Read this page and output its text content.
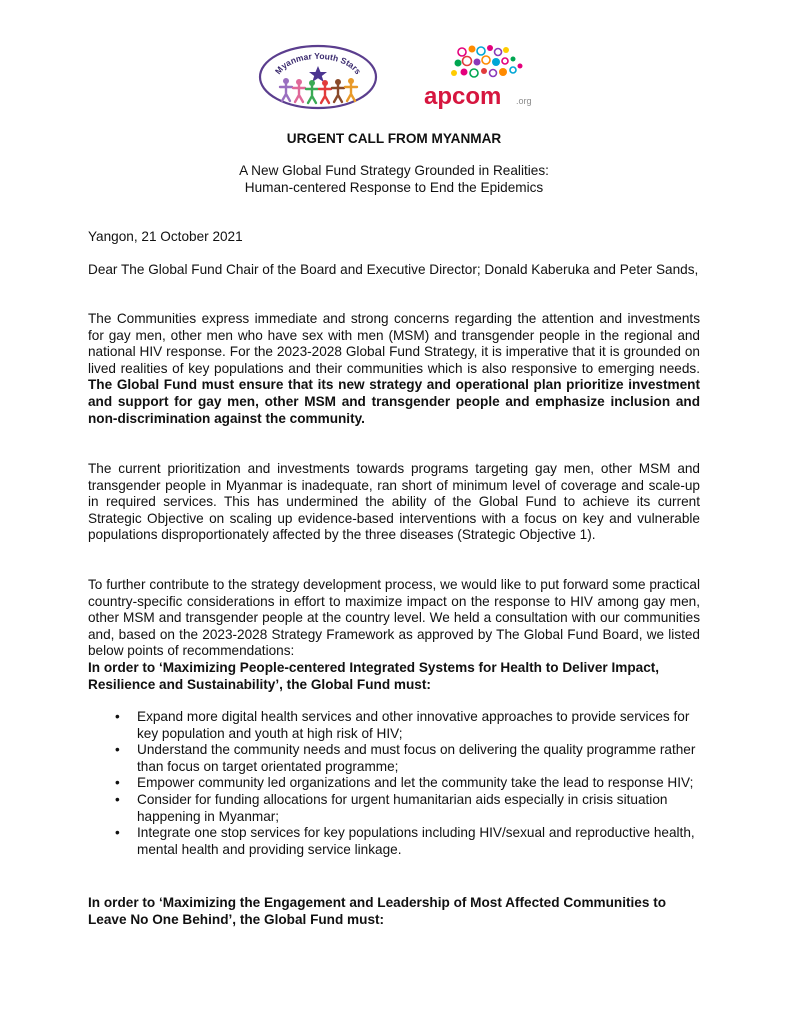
Myanmar Youth Stars
apcom .org
URGENT CALL FROM MYANMAR
A New Global Fund Strategy Grounded in Realities:
Human-centered Response to End the Epidemics
Yangon, 21 October 2021
Dear The Global Fund Chair of the Board and Executive Director; Donald Kaberuka and Peter Sands,
The Communities express immediate and strong concerns regarding the attention and investments for gay men, other men who have sex with men (MSM) and transgender people in the regional and national HIV response. For the 2023-2028 Global Fund Strategy, it is imperative that it is grounded on lived realities of key populations and their communities which is also responsive to emerging needs. The Global Fund must ensure that its new strategy and operational plan prioritize investment and support for gay men, other MSM and transgender people and emphasize inclusion and non-discrimination against the community.
The current prioritization and investments towards programs targeting gay men, other MSM and transgender people in Myanmar is inadequate, ran short of minimum level of coverage and scale-up in required services. This has undermined the ability of the Global Fund to achieve its current Strategic Objective on scaling up evidence-based interventions with a focus on key and vulnerable populations disproportionately affected by the three diseases (Strategic Objective 1).
To further contribute to the strategy development process, we would like to put forward some practical country-specific considerations in effort to maximize impact on the response to HIV among gay men, other MSM and transgender people at the country level. We held a consultation with our communities and, based on the 2023-2028 Strategy Framework as approved by The Global Fund Board, we listed below points of recommendations:
In order to ‘Maximizing People-centered Integrated Systems for Health to Deliver Impact, Resilience and Sustainability’, the Global Fund must:
• Expand more digital health services and other innovative approaches to provide services for key population and youth at high risk of HIV;
• Understand the community needs and must focus on delivering the quality programme rather than focus on target orientated programme;
• Empower community led organizations and let the community take the lead to response HIV;
• Consider for funding allocations for urgent humanitarian aids especially in crisis situation happening in Myanmar;
• Integrate one stop services for key populations including HIV/sexual and reproductive health, mental health and providing service linkage.
In order to ‘Maximizing the Engagement and Leadership of Most Affected Communities to Leave No One Behind’, the Global Fund must:
